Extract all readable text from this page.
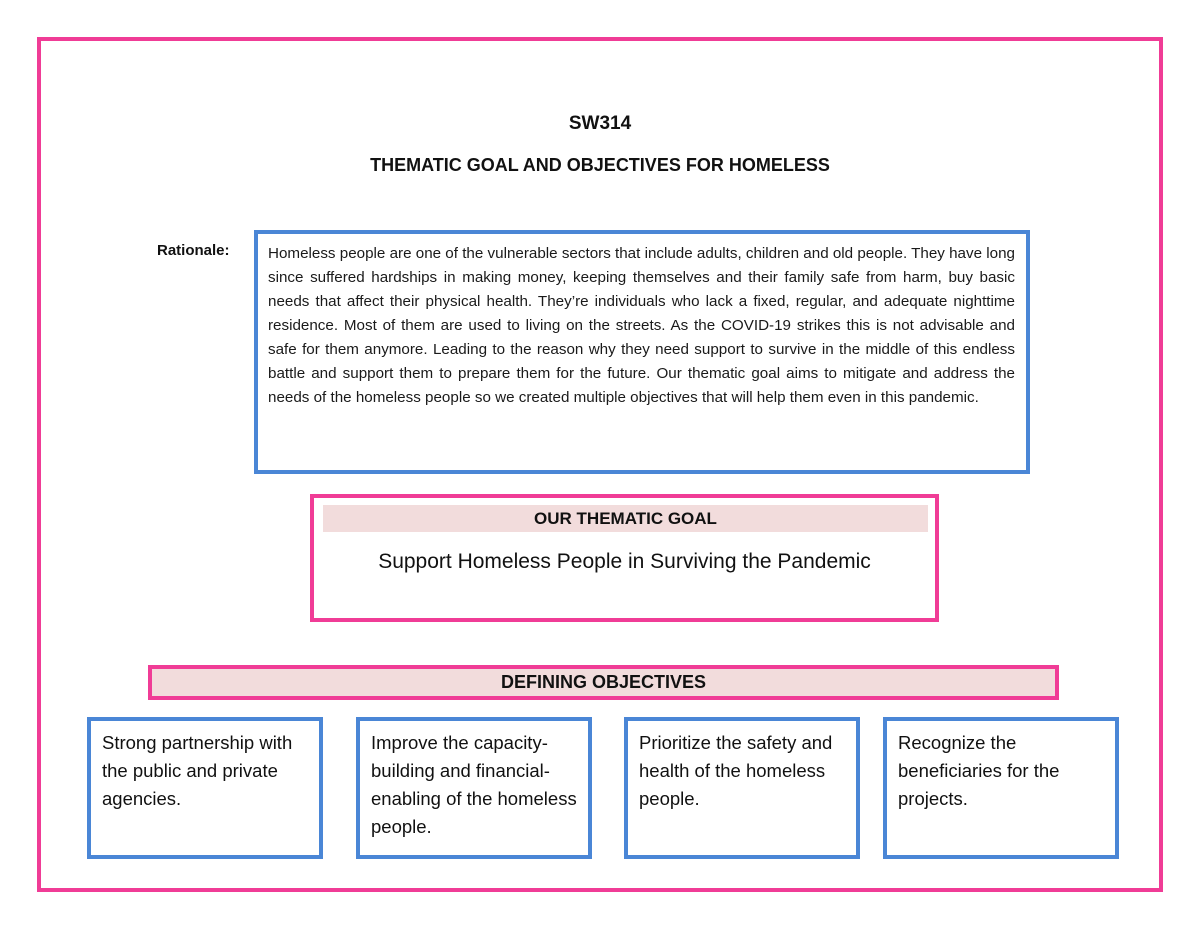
SW314
THEMATIC GOAL AND OBJECTIVES FOR HOMELESS
Rationale:	Homeless people are one of the vulnerable sectors that include adults, children and old people. They have long since suffered hardships in making money, keeping themselves and their family safe from harm, buy basic needs that affect their physical health. They’re individuals who lack a fixed, regular, and adequate nighttime residence. Most of them are used to living on the streets. As the COVID-19 strikes this is not advisable and safe for them anymore. Leading to the reason why they need support to survive in the middle of this endless battle and support them to prepare them for the future. Our thematic goal aims to mitigate and address the needs of the homeless people so we created multiple objectives that will help them even in this pandemic.

OUR THEMATIC GOAL
Support Homeless People in Surviving the Pandemic
DEFINING OBJECTIVES
Strong partnership with the public and private agencies.
Improve the capacity-building and financial-enabling of the homeless people.
Prioritize the safety and health of the homeless people.
Recognize the beneficiaries for the projects.
